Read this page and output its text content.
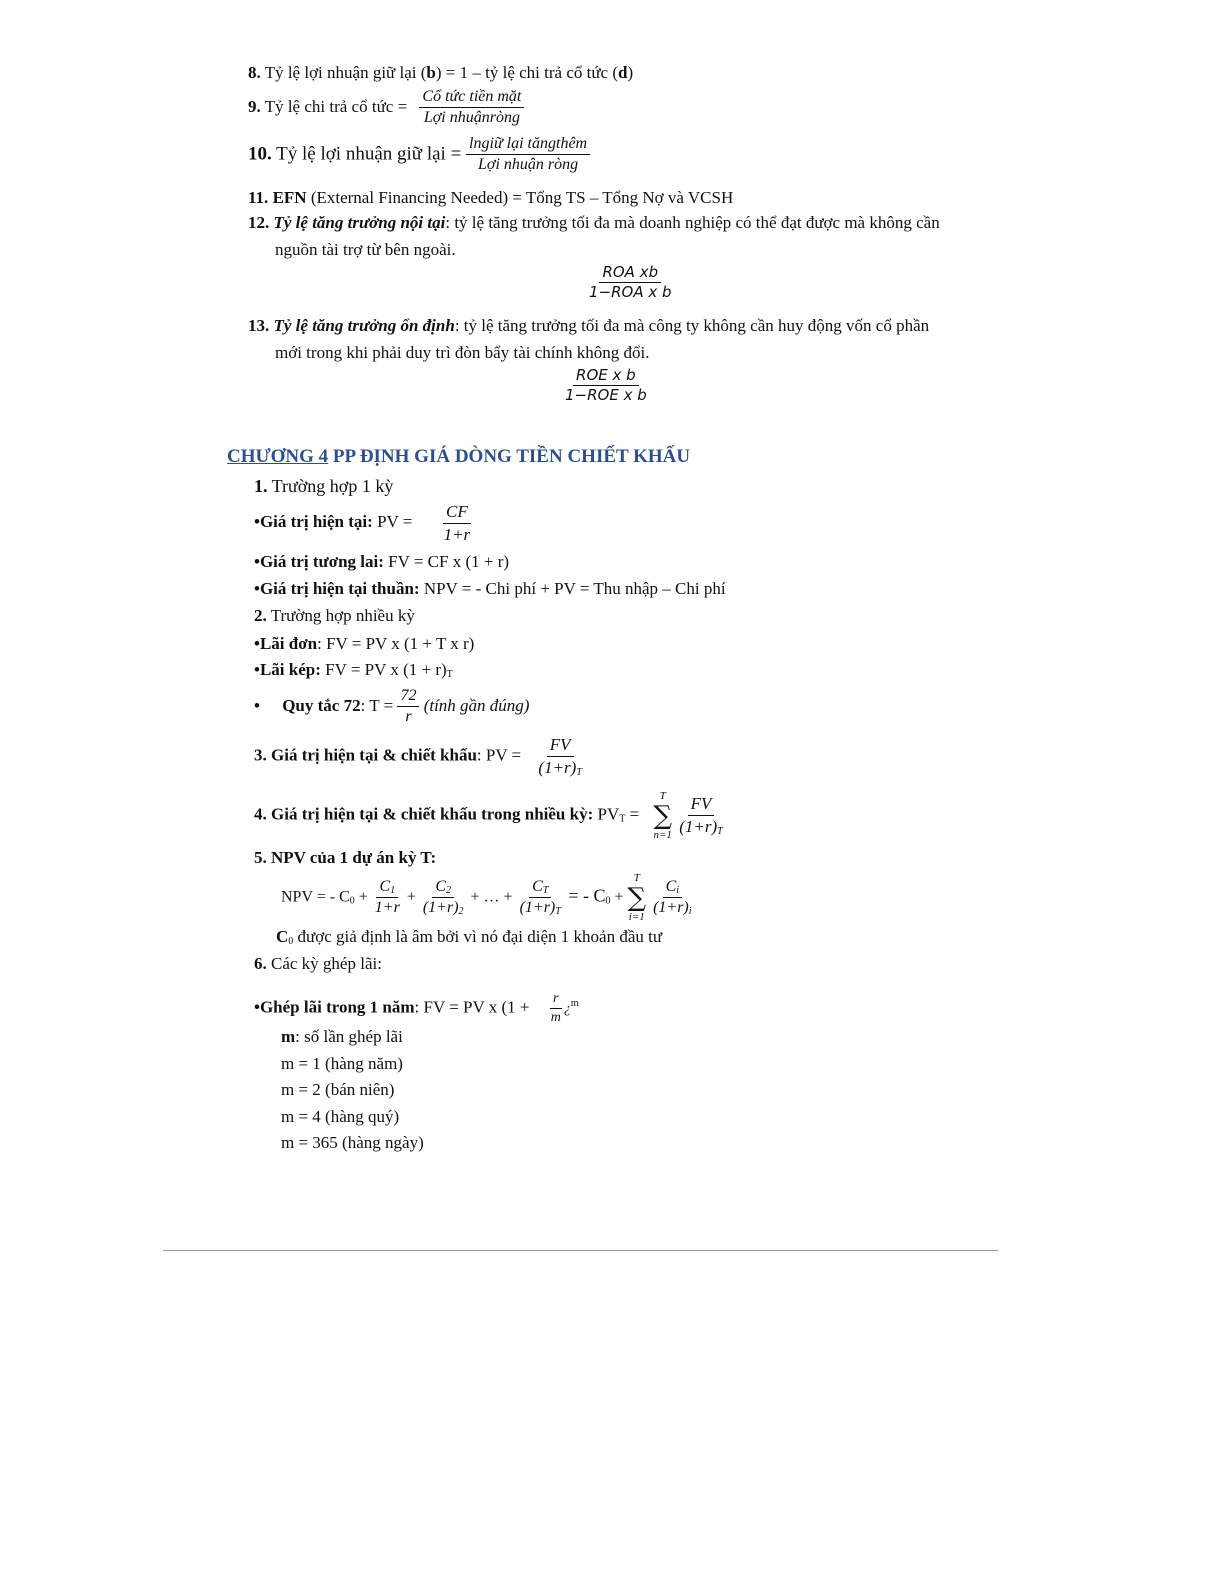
8. Tỷ lệ lợi nhuận giữ lại (b) = 1 – tỷ lệ chi trả cổ tức (d)
9. Tỷ lệ chi trả cổ tức = $\frac{\text{Cổ tức tiền mặt}}{\text{Lợi nhuậnròng}}$
10. Tỷ lệ lợi nhuận giữ lại = $\frac{\text{lngiữ lại tăngthêm}}{\text{Lợi nhuận ròng}}$
11. EFN (External Financing Needed) = Tổng TS – Tổng Nợ và VCSH
12. Tỷ lệ tăng trưởng nội tại: tỷ lệ tăng trưởng tối đa mà doanh nghiệp có thể đạt được mà không cần
nguồn tài trợ từ bên ngoài.
$\frac{\text{ROA xb}}{\text{1−ROA x b}}$
13. Tỷ lệ tăng trưởng ổn định: tỷ lệ tăng trưởng tối đa mà công ty không cần huy động vốn cổ phần
mới trong khi phải duy trì đòn bẩy tài chính không đổi.
$\frac{\text{ROE x b}}{\text{1−ROE x b}}$
CHƯƠNG 4 PP ĐỊNH GIÁ DÒNG TIỀN CHIẾT KHẤU
1. Trường hợp 1 kỳ
•Giá trị hiện tại: PV = $\frac{CF}{1+r}$
•Giá trị tương lai: FV = CF x (1 + r)
•Giá trị hiện tại thuần: NPV = - Chi phí + PV = Thu nhập – Chi phí
2. Trường hợp nhiều kỳ
•Lãi đơn: FV = PV x (1 + T x r)
•Lãi kép: FV = PV x $(1 + r)_T$
• Quy tắc 72: $T = \frac{72}{r}$ (tính gần đúng)
3. Giá trị hiện tại & chiết khấu: PV = $\frac{FV}{(1+r)_T}$
4. Giá trị hiện tại & chiết khấu trong nhiều kỳ: $PV_T$ =
T
∑
n=1
$\frac{FV}{(1+r)_T}$
5. NPV của 1 dự án kỳ T:
NPV = - $C_0 + \frac{C_1}{1+r} + \frac{C_2}{(1+r)_2}$ + … + $\frac{C_T}{(1+r)_T}$ = - $C_0$ +
T
∑
i=1
$\frac{C_i}{(1+r)_i}$
$C_0$ được giả định là âm bởi vì nó đại diện 1 khoản đầu tư
6. Các kỳ ghép lãi:
•Ghép lãi trong 1 năm: FV = PV x ($1 + \frac{r}{m}$ ¿$^m$
m: số lần ghép lãi
m = 1 (hàng năm)
m = 2 (bán niên)
m = 4 (hàng quý)
m = 365 (hàng ngày)
